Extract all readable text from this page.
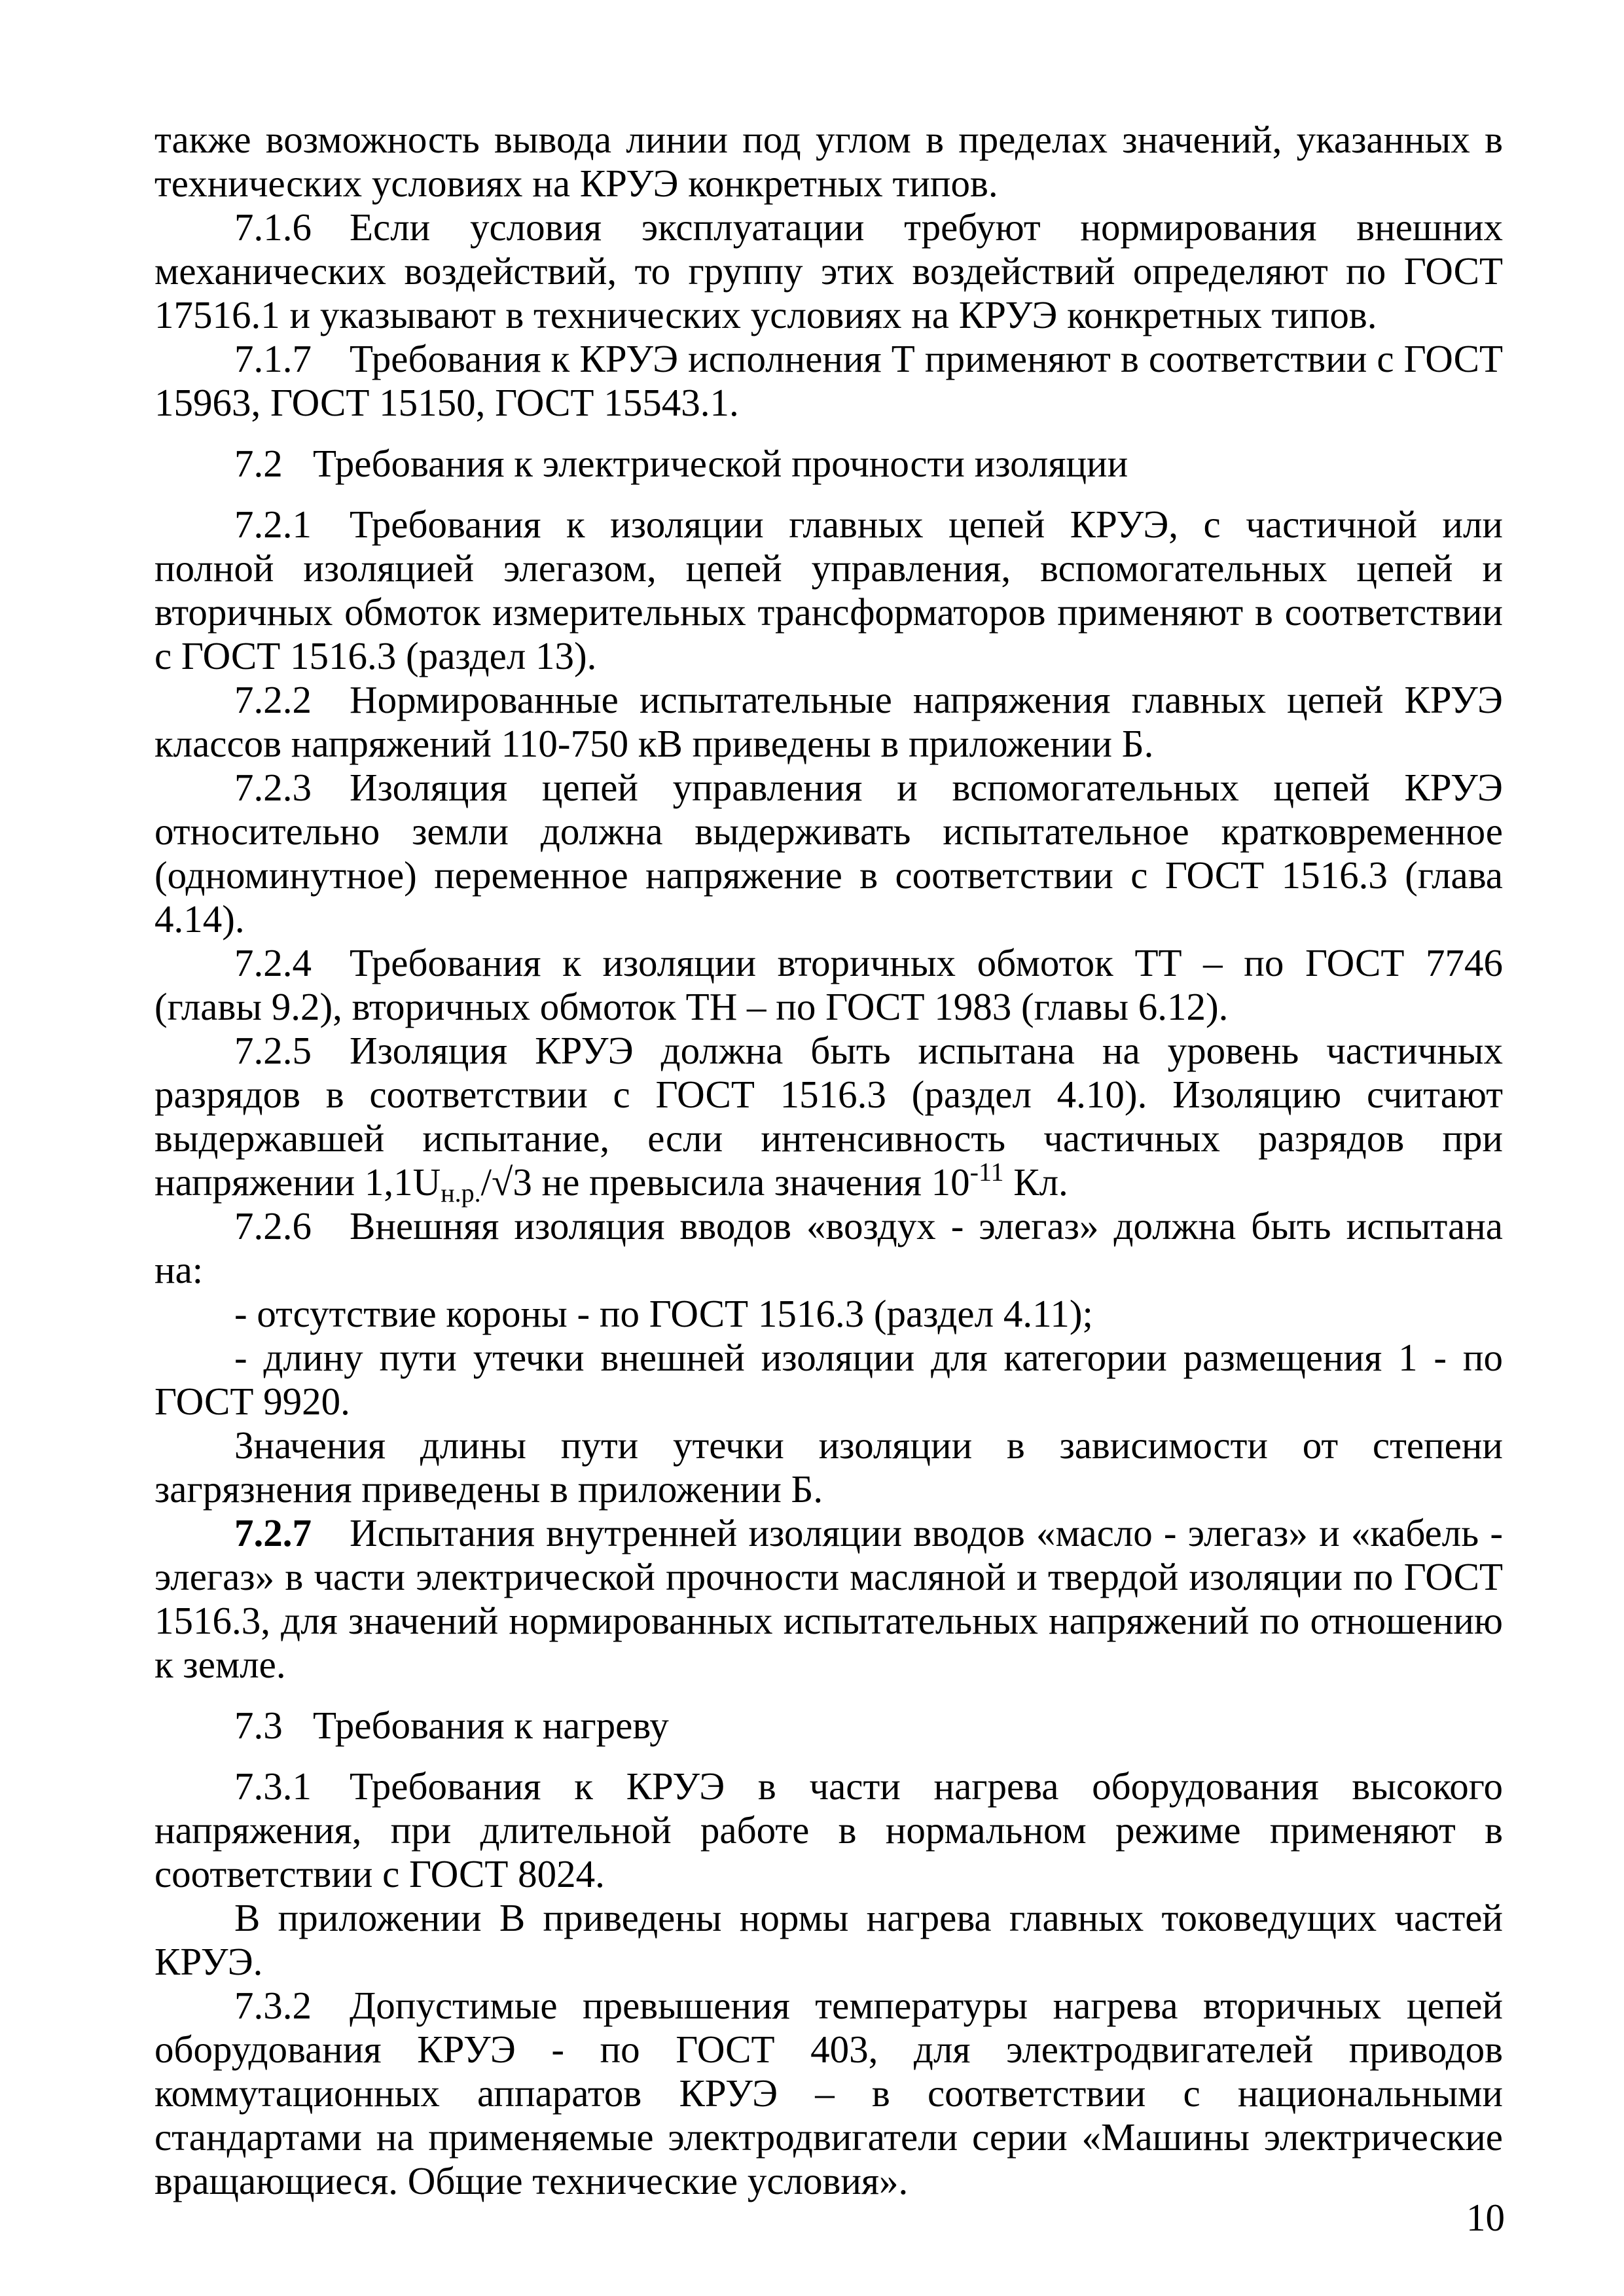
также возможность вывода линии под углом в пределах значений, указанных в технических условиях на КРУЭ конкретных типов.

7.1.6 Если условия эксплуатации требуют нормирования внешних механических воздействий, то группу этих воздействий определяют по ГОСТ 17516.1 и указывают в технических условиях на КРУЭ конкретных типов.

7.1.7 Требования к КРУЭ исполнения Т применяют в соответствии с ГОСТ 15963, ГОСТ 15150, ГОСТ 15543.1.

7.2 Требования к электрической прочности изоляции

7.2.1 Требования к изоляции главных цепей КРУЭ, с частичной или полной изоляцией элегазом, цепей управления, вспомогательных цепей и вторичных обмоток измерительных трансформаторов применяют в соответствии с ГОСТ 1516.3 (раздел 13).

7.2.2 Нормированные испытательные напряжения главных цепей КРУЭ классов напряжений 110-750 кВ приведены в приложении Б.

7.2.3 Изоляция цепей управления и вспомогательных цепей КРУЭ относительно земли должна выдерживать испытательное кратковременное (одноминутное) переменное напряжение в соответствии с ГОСТ 1516.3 (глава 4.14).

7.2.4 Требования к изоляции вторичных обмоток ТТ – по ГОСТ 7746 (главы 9.2), вторичных обмоток ТН – по ГОСТ 1983 (главы 6.12).

7.2.5 Изоляция КРУЭ должна быть испытана на уровень частичных разрядов в соответствии с ГОСТ 1516.3 (раздел 4.10). Изоляцию считают выдержавшей испытание, если интенсивность частичных разрядов при напряжении $1,1U_{н.р.}/√3$ не превысила значения $10^{-11}$ Кл.

7.2.6 Внешняя изоляция вводов «воздух - элегаз» должна быть испытана на:

- отсутствие короны - по ГОСТ 1516.3 (раздел 4.11);

- длину пути утечки внешней изоляции для категории размещения 1 - по ГОСТ 9920.

Значения длины пути утечки изоляции в зависимости от степени загрязнения приведены в приложении Б.

7.2.7 Испытания внутренней изоляции вводов «масло - элегаз» и «кабель - элегаз» в части электрической прочности масляной и твердой изоляции по ГОСТ 1516.3, для значений нормированных испытательных напряжений по отношению к земле.

7.3 Требования к нагреву

7.3.1 Требования к КРУЭ в части нагрева оборудования высокого напряжения, при длительной работе в нормальном режиме применяют в соответствии с ГОСТ 8024.

В приложении В приведены нормы нагрева главных токоведущих частей КРУЭ.

7.3.2 Допустимые превышения температуры нагрева вторичных цепей оборудования КРУЭ - по ГОСТ 403, для электродвигателей приводов коммутационных аппаратов КРУЭ – в соответствии с национальными стандартами на применяемые электродвигатели серии «Машины электрические вращающиеся. Общие технические условия».

10
